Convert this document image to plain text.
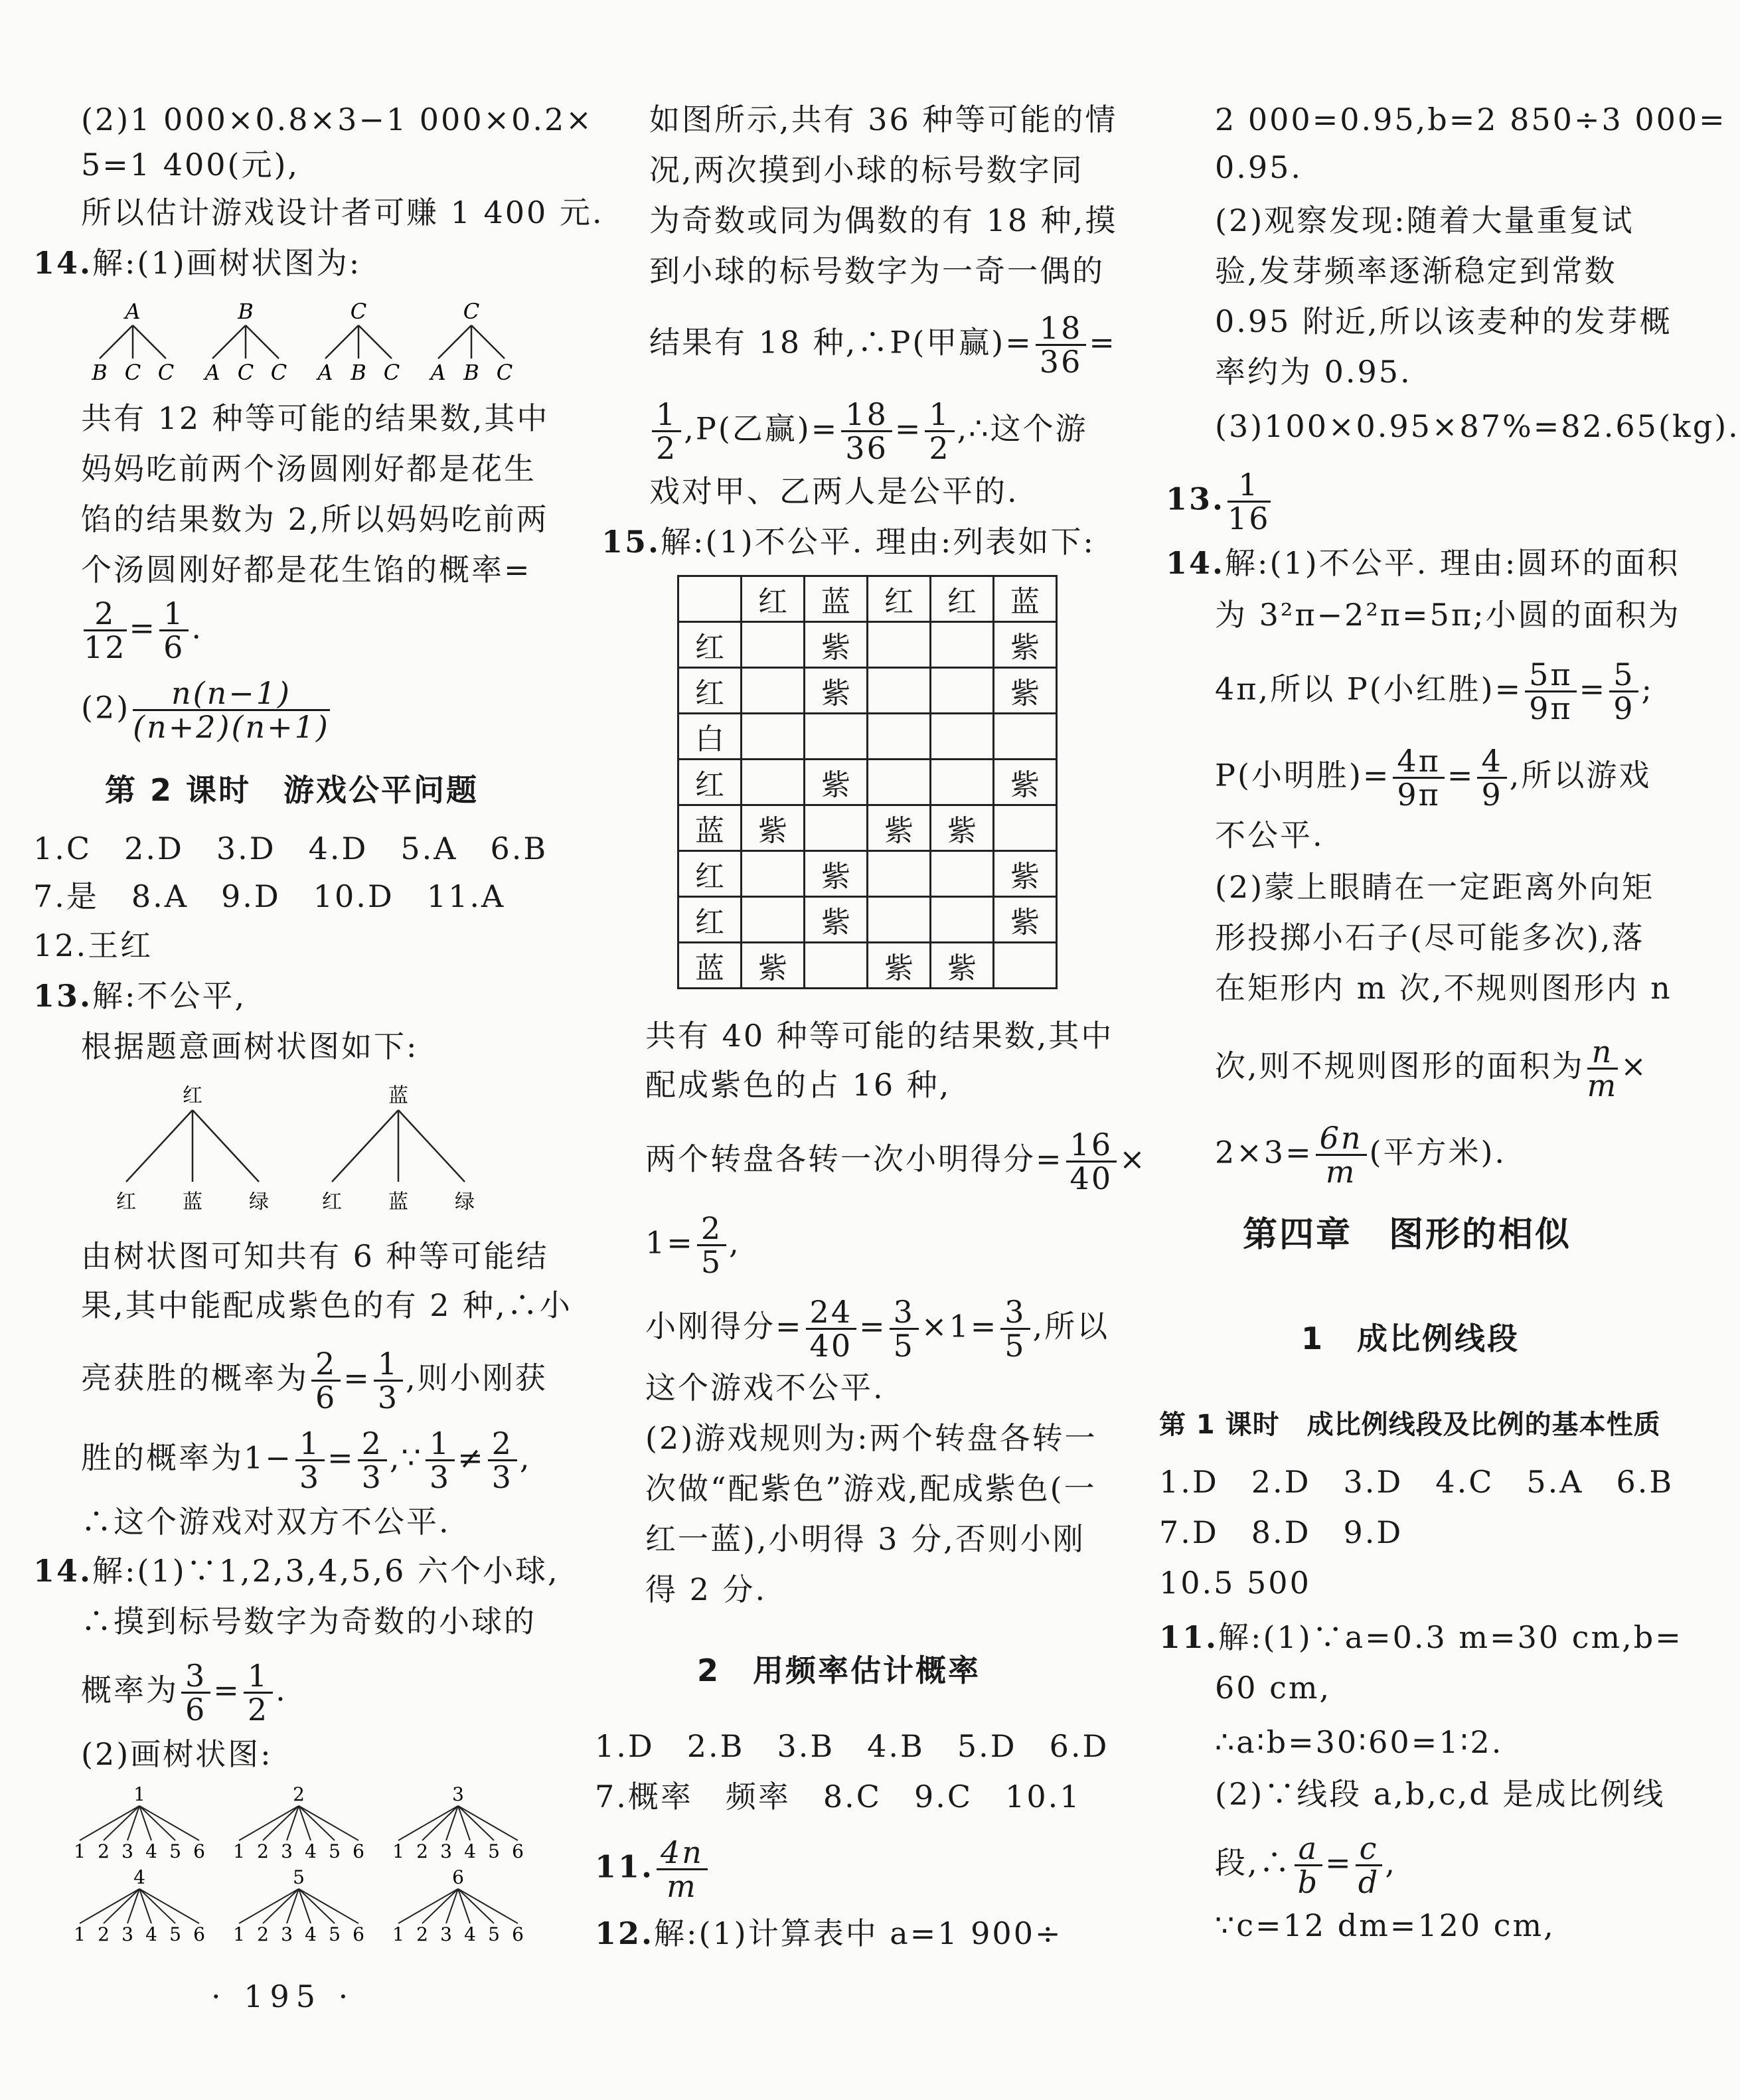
(2)1 000×0.8×3−1 000×0.2×
5=1 400(元),
所以估计游戏设计者可赚 1 400 元.
14.解:(1)画树状图为:
A
B C C
B
A C C
C
A B C
C
A B C
共有 12 种等可能的结果数,其中
妈妈吃前两个汤圆刚好都是花生
馅的结果数为 2,所以妈妈吃前两
个汤圆刚好都是花生馅的概率=
$\frac{2}{12} = \frac{1}{6}$ .
$(2) \frac{n(n-1)}{(n+2)(n+1)}$
第 2 课时　游戏公平问题
1.C　2.D　3.D　4.D　5.A　6.B
7.是　8.A　9.D　10.D　11.A
12.王红
13.解:不公平,
根据题意画树状图如下:
红
红 蓝 绿
蓝
红 蓝 绿
由树状图可知共有 6 种等可能结
果,其中能配成紫色的有 2 种,∴小
亮获胜的概率为 $\frac{2}{6} = \frac{1}{3}$ ,则小刚获
胜的概率为$1- \frac{1}{3} = \frac{2}{3}$ ,∵ $\frac{1}{3} \ne \frac{2}{3}$ ,
∴这个游戏对双方不公平.
14.解:(1)∵1,2,3,4,5,6 六个小球,
∴摸到标号数字为奇数的小球的
概率为 $\frac{3}{6} = \frac{1}{2}$ .
(2)画树状图:
1
1 2 3 4 5 6
2
1 2 3 4 5 6
3
1 2 3 4 5 6
4
1 2 3 4 5 6
5
1 2 3 4 5 6
6
1 2 3 4 5 6
· 195 ·
如图所示,共有 36 种等可能的情
况,两次摸到小球的标号数字同
为奇数或同为偶数的有 18 种,摸
到小球的标号数字为一奇一偶的
结果有 18 种,∴P(甲赢)= $\frac{18}{36}$ =
$\frac{1}{2} ,P$(乙赢)= $\frac{18}{36} = \frac{1}{2}$ ,∴这个游
戏对甲、乙两人是公平的.
15.解:(1)不公平. 理由:列表如下:
	红	蓝	红	红	蓝
红		紫			紫
红		紫			紫
白					
红		紫			紫
蓝	紫		紫	紫	
红		紫			紫
红		紫			紫
蓝	紫		紫	紫	
共有 40 种等可能的结果数,其中
配成紫色的占 16 种,
两个转盘各转一次小明得分= $\frac{16}{40}$ ×
$1= \frac{2}{5}$ ,
小刚得分= $\frac{24}{40} = \frac{3}{5} \times 1= \frac{3}{5}$ ,所以
这个游戏不公平.
(2)游戏规则为:两个转盘各转一
次做“配紫色”游戏,配成紫色(一
红一蓝),小明得 3 分,否则小刚
得 2 分.
2　用频率估计概率
1.D　2.B　3.B　4.B　5.D　6.D
7.概率　频率　8.C　9.C　10.1
11. $\frac{4n}{m}$
12.解:(1)计算表中 a=1 900÷
2 000=0.95,b=2 850÷3 000=
0.95.
(2)观察发现:随着大量重复试
验,发芽频率逐渐稳定到常数
0.95 附近,所以该麦种的发芽概
率约为 0.95.
(3)100×0.95×87%=82.65(kg).
13. $\frac{1}{16}$
14.解:(1)不公平. 理由:圆环的面积
为 3²π−2²π=5π;小圆的面积为
4π,所以 P(小红胜)= $\frac{5\pi}{9\pi} = \frac{5}{9}$ ;
P(小明胜)= $\frac{4\pi}{9\pi} = \frac{4}{9}$ ,所以游戏
不公平.
(2)蒙上眼睛在一定距离外向矩
形投掷小石子(尽可能多次),落
在矩形内 m 次,不规则图形内 n
次,则不规则图形的面积为 $\frac{n}{m}$ ×
$2\times 3= \frac{6n}{m}$ (平方米).
第四章　图形的相似
1　成比例线段
第 1 课时　成比例线段及比例的基本性质
1.D　2.D　3.D　4.C　5.A　6.B
7.D　8.D　9.D
10.5 500
11.解:(1)∵a=0.3 m=30 cm,b=
60 cm,
∴a∶b=30∶60=1∶2.
(2)∵线段 a,b,c,d 是成比例线
段,∴ $\frac{a}{b} = \frac{c}{d}$ ,
∵c=12 dm=120 cm,
